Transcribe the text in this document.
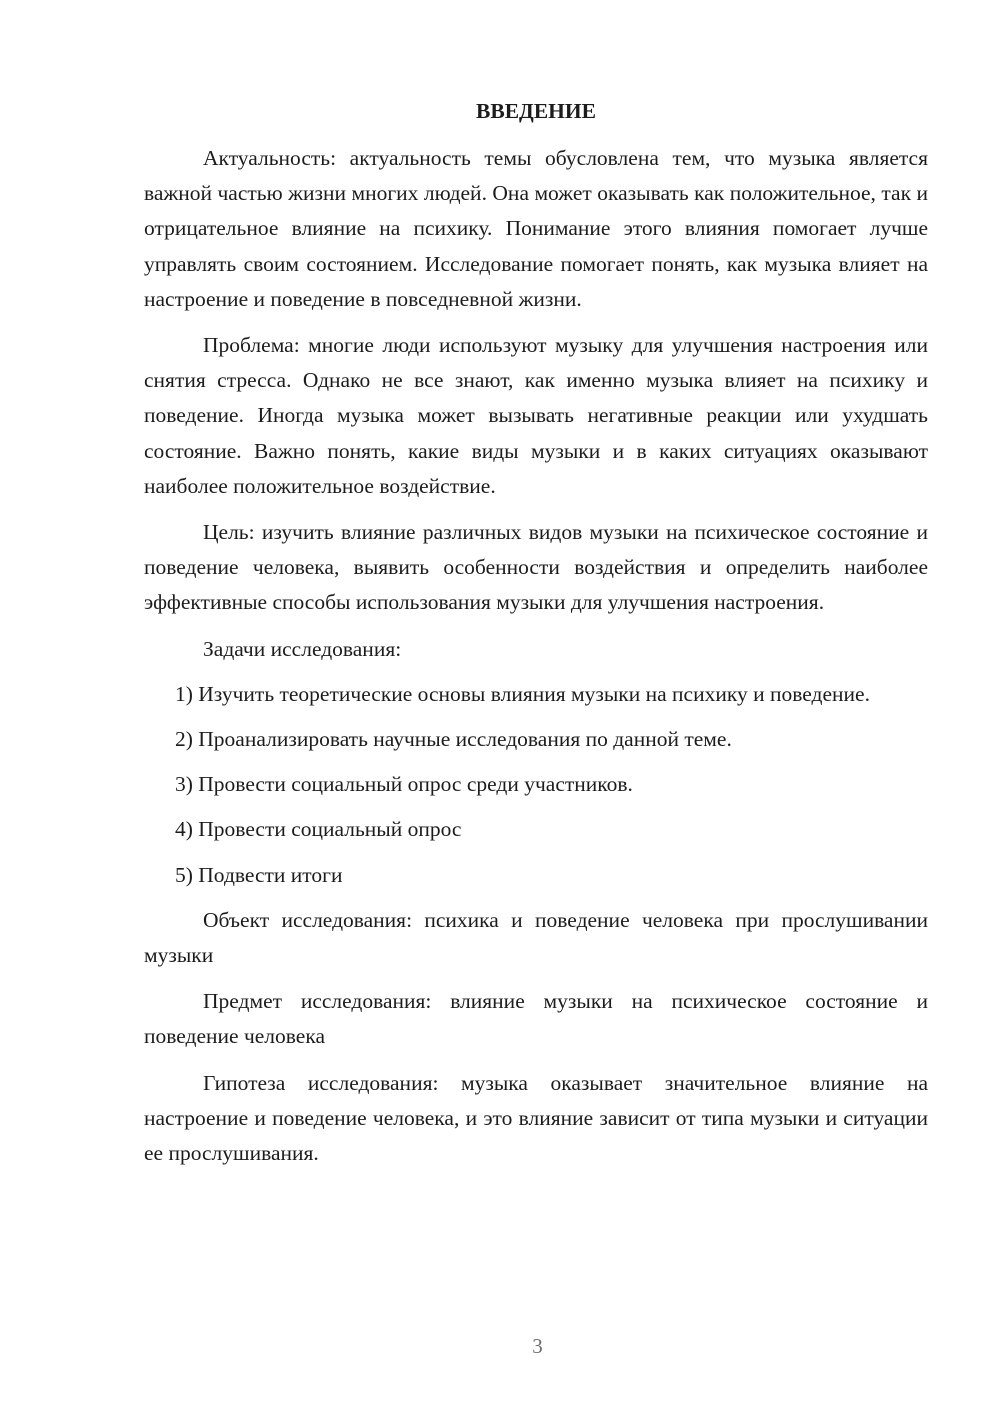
ВВЕДЕНИЕ

Актуальность: актуальность темы обусловлена тем, что музыка является важной частью жизни многих людей. Она может оказывать как положительное, так и отрицательное влияние на психику. Понимание этого влияния помогает лучше управлять своим состоянием. Исследование помогает понять, как музыка влияет на настроение и поведение в повседневной жизни.

Проблема: многие люди используют музыку для улучшения настроения или снятия стресса. Однако не все знают, как именно музыка влияет на психику и поведение. Иногда музыка может вызывать негативные реакции или ухудшать состояние. Важно понять, какие виды музыки и в каких ситуациях оказывают наиболее положительное воздействие.

Цель: изучить влияние различных видов музыки на психическое состояние и поведение человека, выявить особенности воздействия и определить наиболее эффективные способы использования музыки для улучшения настроения.

Задачи исследования:

1) Изучить теоретические основы влияния музыки на психику и поведение.

2) Проанализировать научные исследования по данной теме.

3) Провести социальный опрос среди участников.

4) Провести социальный опрос

5) Подвести итоги

Объект исследования: психика и поведение человека при прослушивании музыки

Предмет исследования: влияние музыки на психическое состояние и поведение человека

Гипотеза исследования: музыка оказывает значительное влияние на настроение и поведение человека, и это влияние зависит от типа музыки и ситуации ее прослушивания.

3
